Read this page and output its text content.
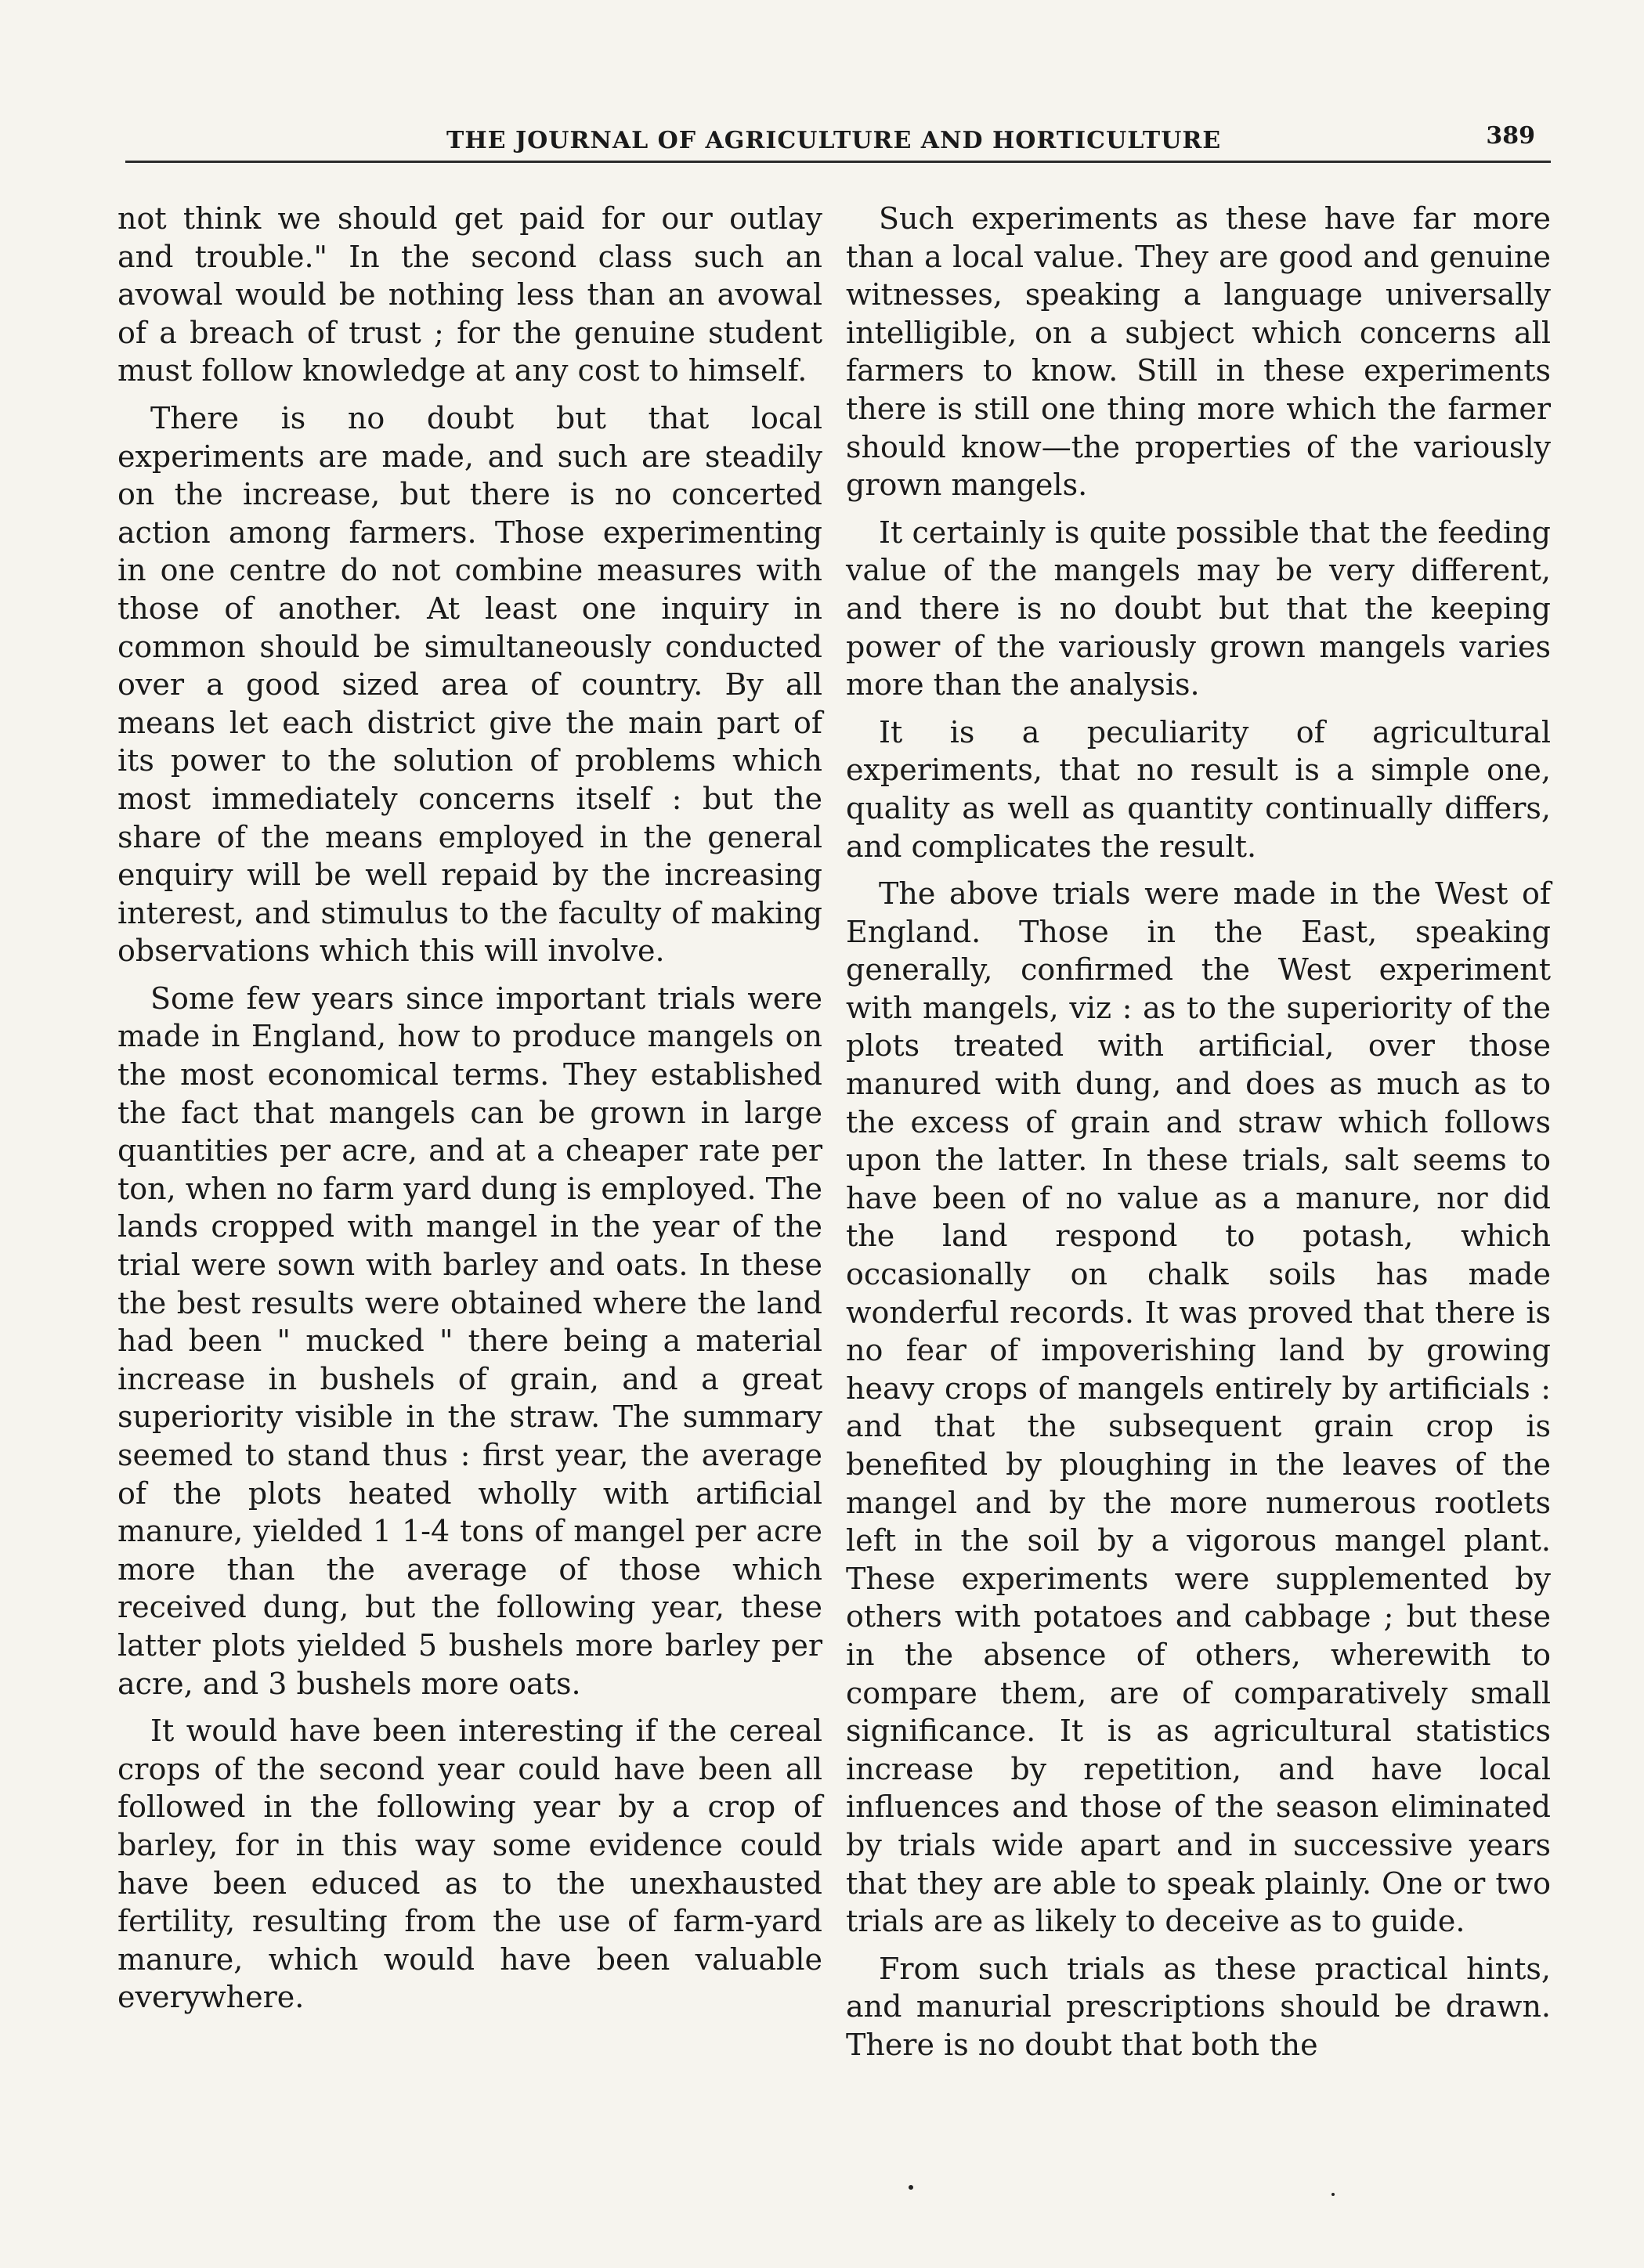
THE JOURNAL OF AGRICULTURE AND HORTICULTURE	389

not think we should get paid for our outlay and trouble." In the second class such an avowal would be nothing less than an avowal of a breach of trust ; for the genuine student must follow knowledge at any cost to himself.

There is no doubt but that local experiments are made, and such are steadily on the increase, but there is no concerted action among farmers. Those experimenting in one centre do not combine measures with those of another. At least one inquiry in common should be simultaneously conducted over a good sized area of country. By all means let each district give the main part of its power to the solution of problems which most immediately concerns itself : but the share of the means employed in the general enquiry will be well repaid by the increasing interest, and stimulus to the faculty of making observations which this will involve.

Some few years since important trials were made in England, how to produce mangels on the most economical terms. They established the fact that mangels can be grown in large quantities per acre, and at a cheaper rate per ton, when no farm yard dung is employed. The lands cropped with mangel in the year of the trial were sown with barley and oats. In these the best results were obtained where the land had been " mucked " there being a material increase in bushels of grain, and a great superiority visible in the straw. The summary seemed to stand thus : first year, the average of the plots heated wholly with artificial manure, yielded 1 1-4 tons of mangel per acre more than the average of those which received dung, but the following year, these latter plots yielded 5 bushels more barley per acre, and 3 bushels more oats.

It would have been interesting if the cereal crops of the second year could have been all followed in the following year by a crop of barley, for in this way some evidence could have been educed as to the unexhausted fertility, resulting from the use of farm-yard manure, which would have been valuable everywhere.

Such experiments as these have far more than a local value. They are good and genuine witnesses, speaking a language universally intelligible, on a subject which concerns all farmers to know. Still in these experiments there is still one thing more which the farmer should know—the properties of the variously grown mangels.

It certainly is quite possible that the feeding value of the mangels may be very different, and there is no doubt but that the keeping power of the variously grown mangels varies more than the analysis.

It is a peculiarity of agricultural experiments, that no result is a simple one, quality as well as quantity continually differs, and complicates the result.

The above trials were made in the West of England. Those in the East, speaking generally, confirmed the West experiment with mangels, viz : as to the superiority of the plots treated with artificial, over those manured with dung, and does as much as to the excess of grain and straw which follows upon the latter. In these trials, salt seems to have been of no value as a manure, nor did the land respond to potash, which occasionally on chalk soils has made wonderful records. It was proved that there is no fear of impoverishing land by growing heavy crops of mangels entirely by artificials : and that the subsequent grain crop is benefited by ploughing in the leaves of the mangel and by the more numerous rootlets left in the soil by a vigorous mangel plant. These experiments were supplemented by others with potatoes and cabbage ; but these in the absence of others, wherewith to compare them, are of comparatively small significance. It is as agricultural statistics increase by repetition, and have local influences and those of the season eliminated by trials wide apart and in successive years that they are able to speak plainly. One or two trials are as likely to deceive as to guide.

From such trials as these practical hints, and manurial prescriptions should be drawn. There is no doubt that both the
